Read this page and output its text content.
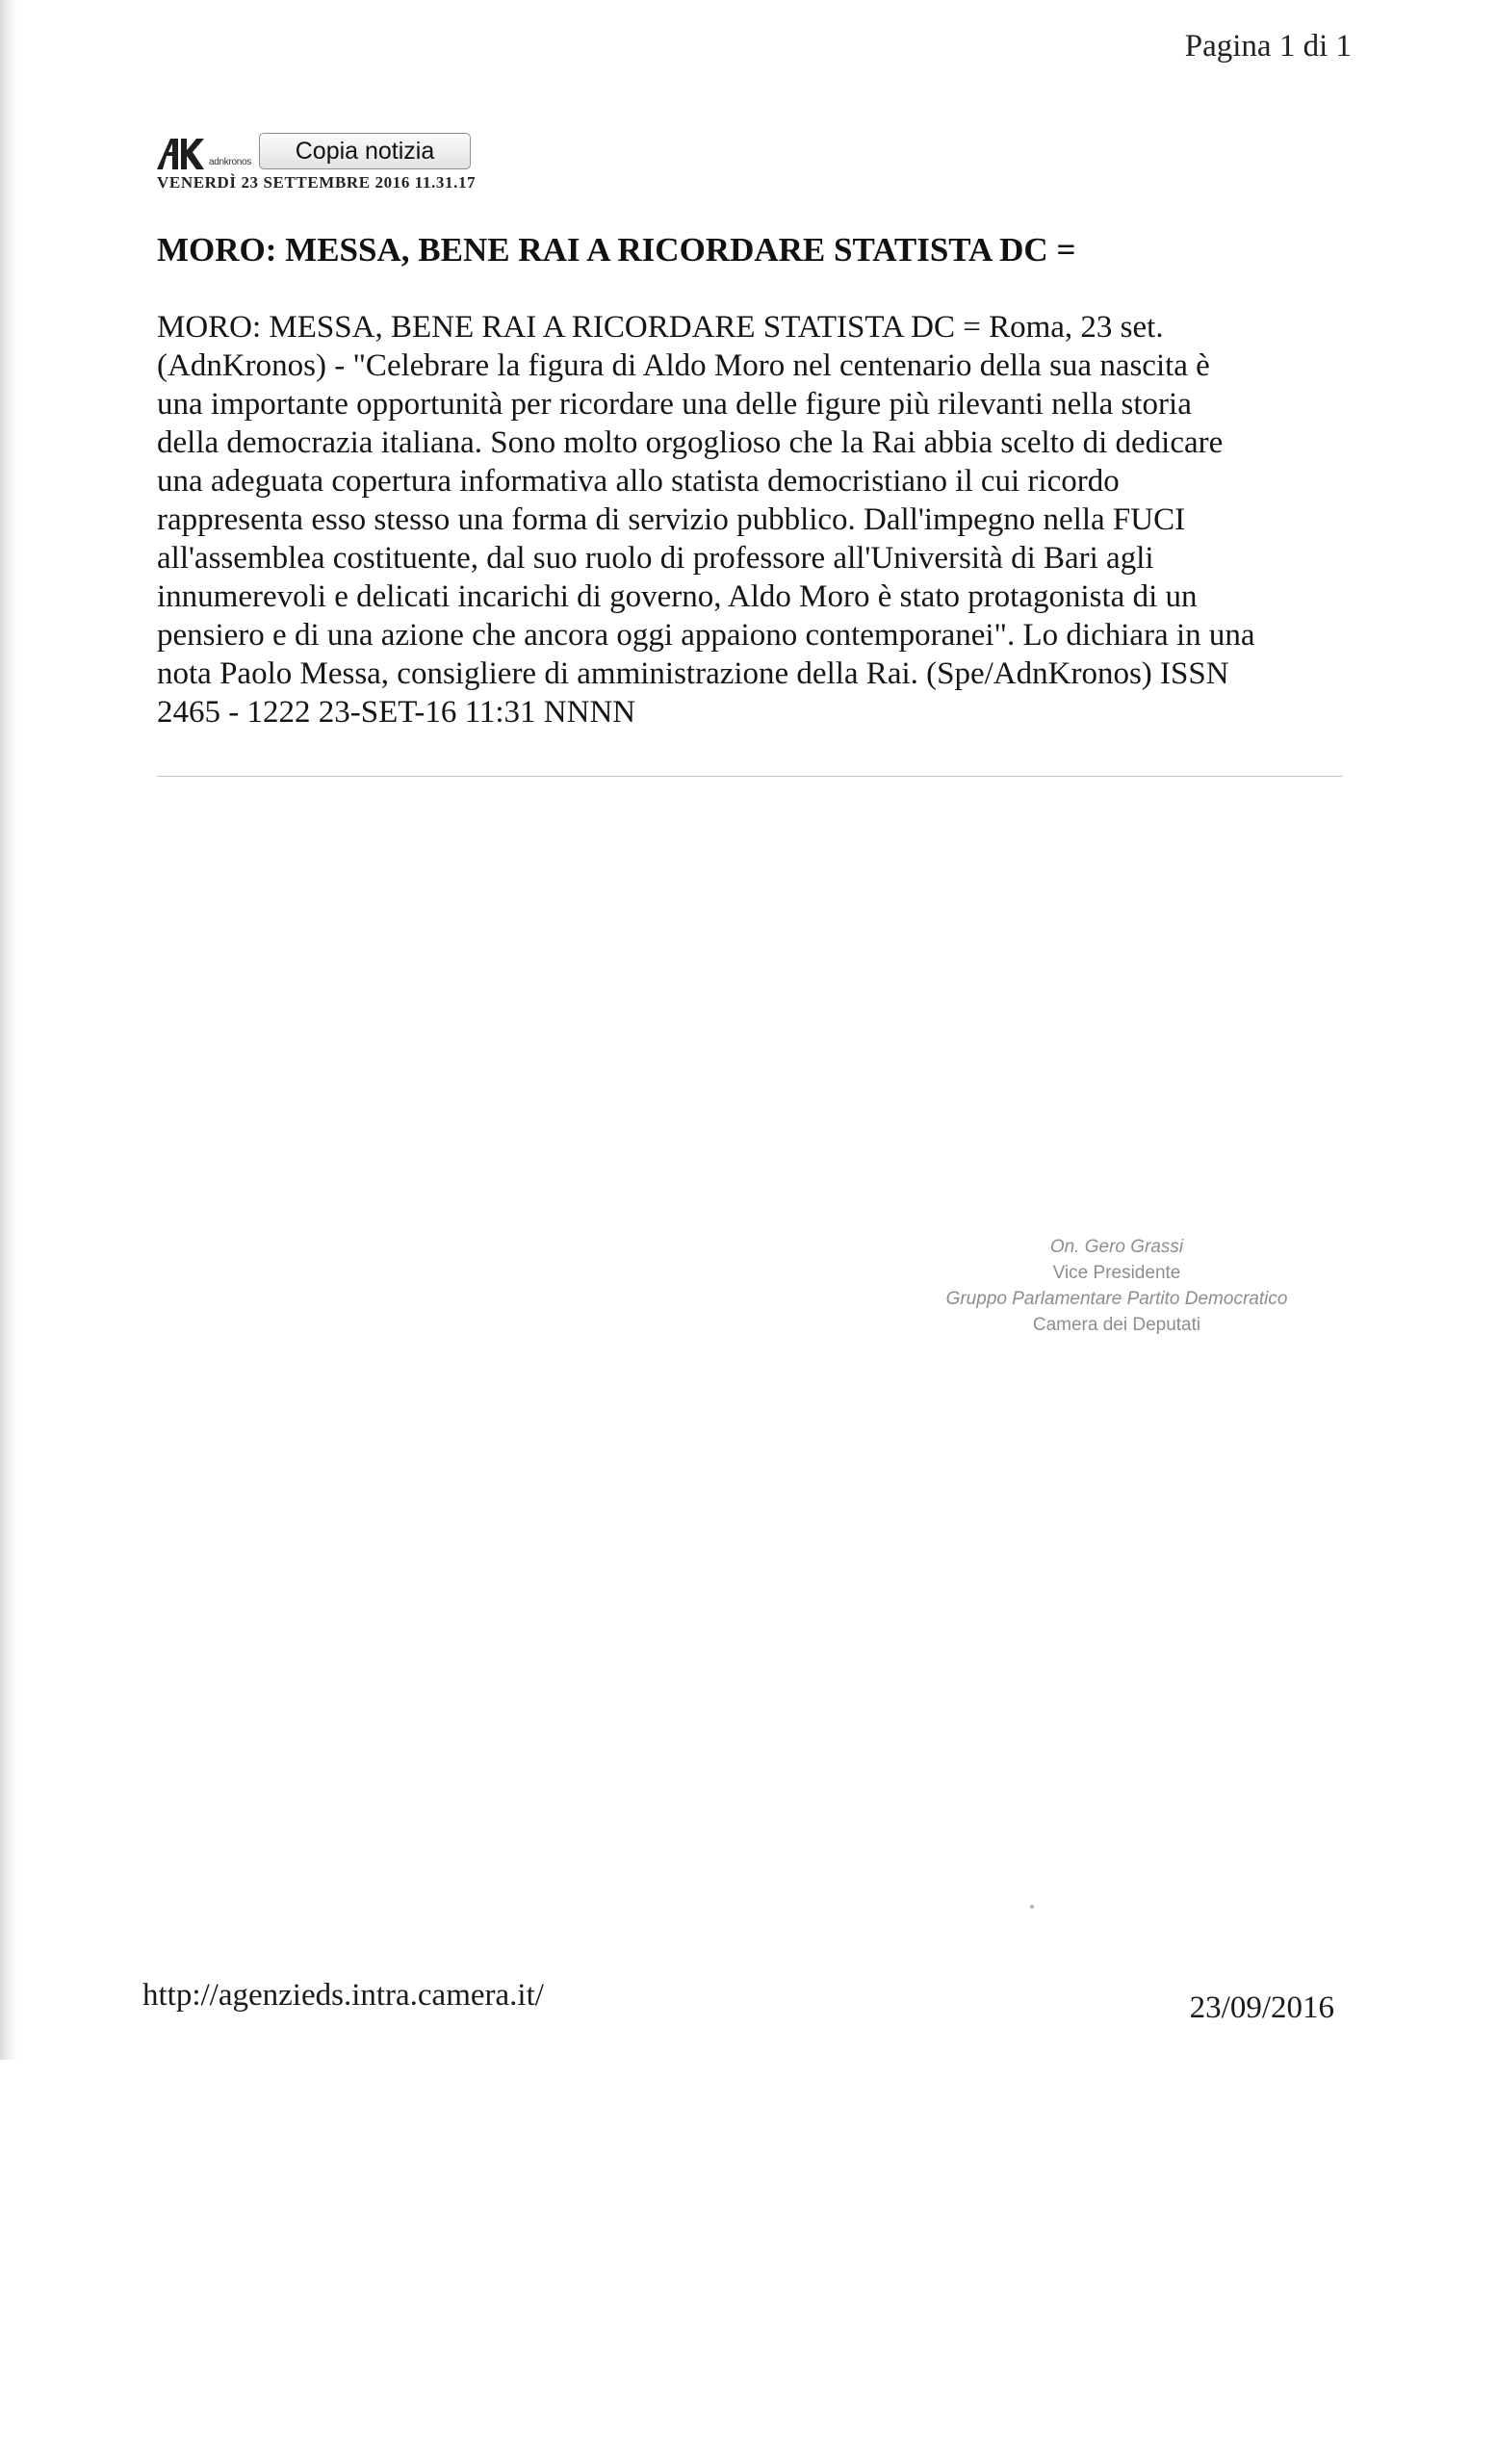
Pagina 1 di 1
adnkronos	Copia notizia
VENERDÌ 23 SETTEMBRE 2016 11.31.17
MORO: MESSA, BENE RAI A RICORDARE STATISTA DC =
MORO: MESSA, BENE RAI A RICORDARE STATISTA DC = Roma, 23 set.
(AdnKronos) - "Celebrare la figura di Aldo Moro nel centenario della sua nascita è
una importante opportunità per ricordare una delle figure più rilevanti nella storia
della democrazia italiana. Sono molto orgoglioso che la Rai abbia scelto di dedicare
una adeguata copertura informativa allo statista democristiano il cui ricordo
rappresenta esso stesso una forma di servizio pubblico. Dall'impegno nella FUCI
all'assemblea costituente, dal suo ruolo di professore all'Università di Bari agli
innumerevoli e delicati incarichi di governo, Aldo Moro è stato protagonista di un
pensiero e di una azione che ancora oggi appaiono contemporanei". Lo dichiara in una
nota Paolo Messa, consigliere di amministrazione della Rai. (Spe/AdnKronos) ISSN
2465 - 1222 23-SET-16 11:31 NNNN
On. Gero Grassi
Vice Presidente
Gruppo Parlamentare Partito Democratico
Camera dei Deputati
http://agenzieds.intra.camera.it/	23/09/2016
